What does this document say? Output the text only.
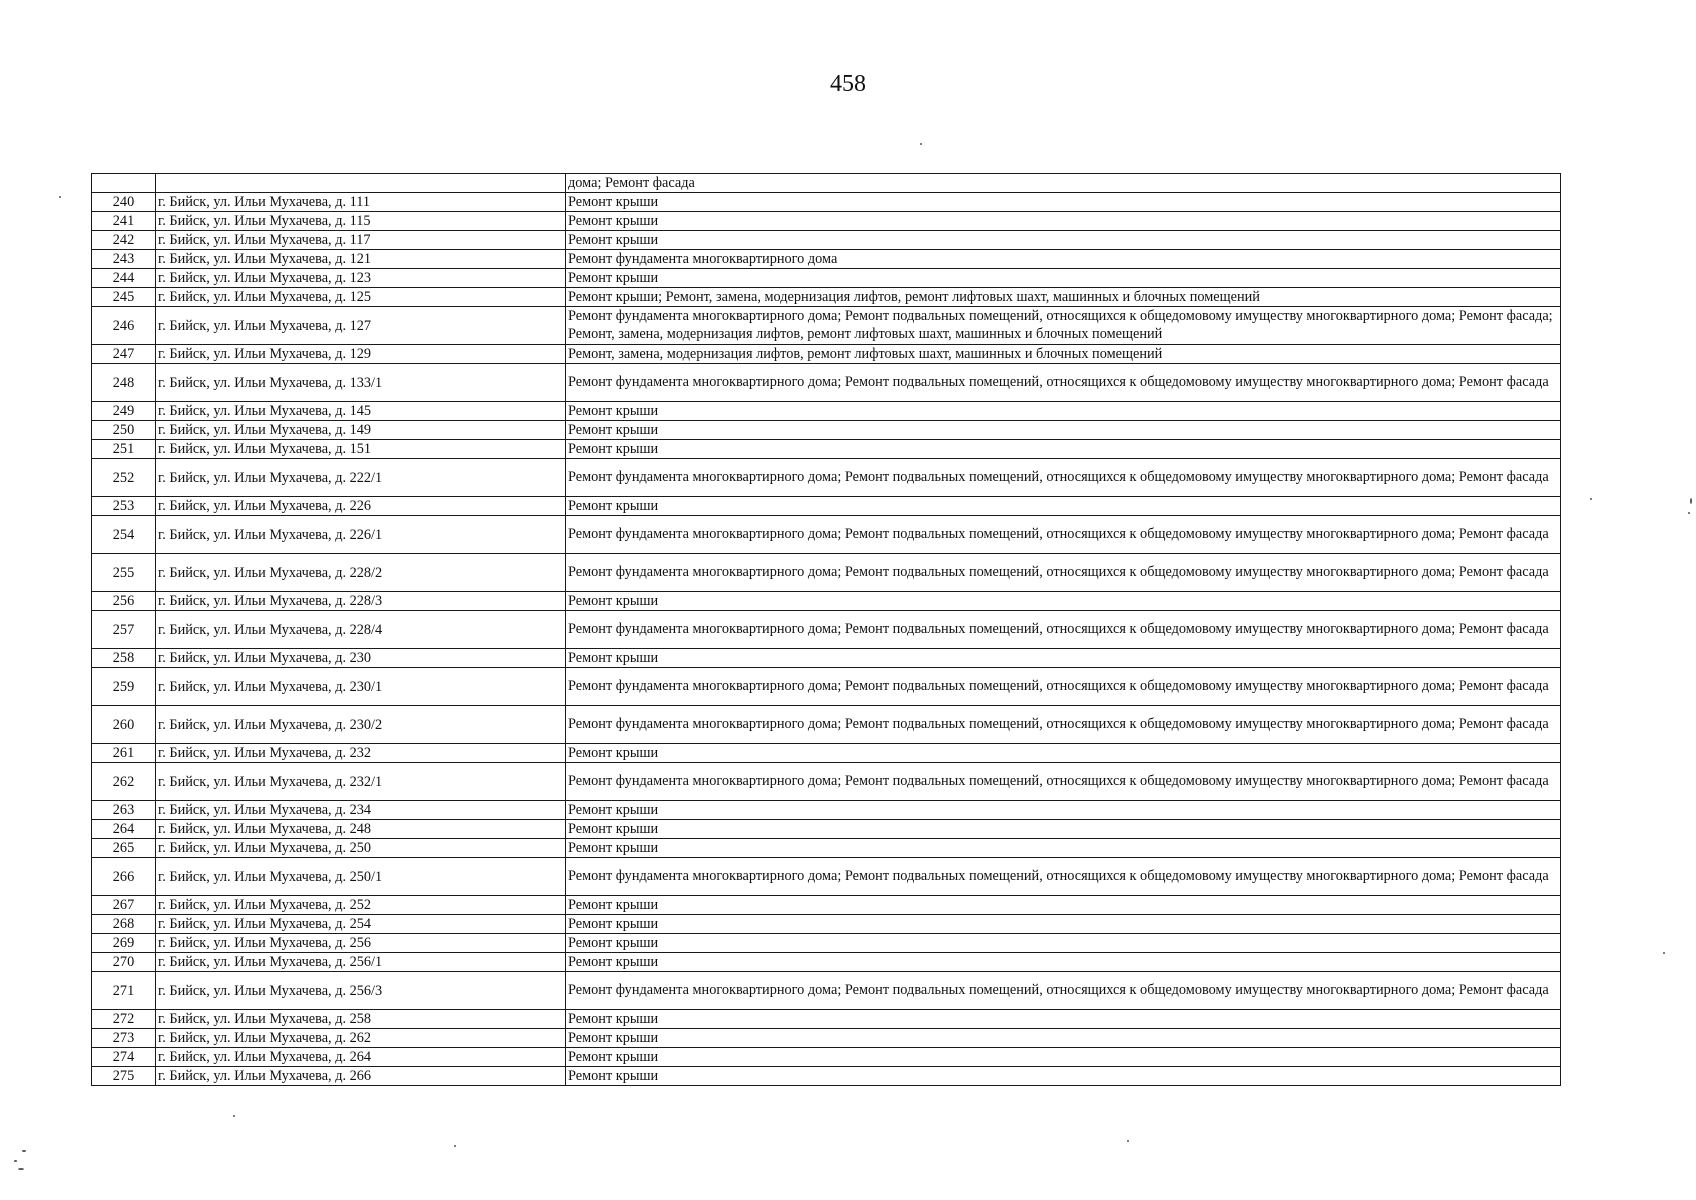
458
		дома; Ремонт фасада
240	г. Бийск, ул. Ильи Мухачева, д. 111	Ремонт крыши
241	г. Бийск, ул. Ильи Мухачева, д. 115	Ремонт крыши
242	г. Бийск, ул. Ильи Мухачева, д. 117	Ремонт крыши
243	г. Бийск, ул. Ильи Мухачева, д. 121	Ремонт фундамента многоквартирного дома
244	г. Бийск, ул. Ильи Мухачева, д. 123	Ремонт крыши
245	г. Бийск, ул. Ильи Мухачева, д. 125	Ремонт крыши; Ремонт, замена, модернизация лифтов, ремонт лифтовых шахт, машинных и блочных помещений
246	г. Бийск, ул. Ильи Мухачева, д. 127	Ремонт фундамента многоквартирного дома; Ремонт подвальных помещений, относящихся к общедомовому имуществу многоквартирного дома; Ремонт фасада; Ремонт, замена, модернизация лифтов, ремонт лифтовых шахт, машинных и блочных помещений
247	г. Бийск, ул. Ильи Мухачева, д. 129	Ремонт, замена, модернизация лифтов, ремонт лифтовых шахт, машинных и блочных помещений
248	г. Бийск, ул. Ильи Мухачева, д. 133/1	Ремонт фундамента многоквартирного дома; Ремонт подвальных помещений, относящихся к общедомовому имуществу многоквартирного дома; Ремонт фасада
249	г. Бийск, ул. Ильи Мухачева, д. 145	Ремонт крыши
250	г. Бийск, ул. Ильи Мухачева, д. 149	Ремонт крыши
251	г. Бийск, ул. Ильи Мухачева, д. 151	Ремонт крыши
252	г. Бийск, ул. Ильи Мухачева, д. 222/1	Ремонт фундамента многоквартирного дома; Ремонт подвальных помещений, относящихся к общедомовому имуществу многоквартирного дома; Ремонт фасада
253	г. Бийск, ул. Ильи Мухачева, д. 226	Ремонт крыши
254	г. Бийск, ул. Ильи Мухачева, д. 226/1	Ремонт фундамента многоквартирного дома; Ремонт подвальных помещений, относящихся к общедомовому имуществу многоквартирного дома; Ремонт фасада
255	г. Бийск, ул. Ильи Мухачева, д. 228/2	Ремонт фундамента многоквартирного дома; Ремонт подвальных помещений, относящихся к общедомовому имуществу многоквартирного дома; Ремонт фасада
256	г. Бийск, ул. Ильи Мухачева, д. 228/3	Ремонт крыши
257	г. Бийск, ул. Ильи Мухачева, д. 228/4	Ремонт фундамента многоквартирного дома; Ремонт подвальных помещений, относящихся к общедомовому имуществу многоквартирного дома; Ремонт фасада
258	г. Бийск, ул. Ильи Мухачева, д. 230	Ремонт крыши
259	г. Бийск, ул. Ильи Мухачева, д. 230/1	Ремонт фундамента многоквартирного дома; Ремонт подвальных помещений, относящихся к общедомовому имуществу многоквартирного дома; Ремонт фасада
260	г. Бийск, ул. Ильи Мухачева, д. 230/2	Ремонт фундамента многоквартирного дома; Ремонт подвальных помещений, относящихся к общедомовому имуществу многоквартирного дома; Ремонт фасада
261	г. Бийск, ул. Ильи Мухачева, д. 232	Ремонт крыши
262	г. Бийск, ул. Ильи Мухачева, д. 232/1	Ремонт фундамента многоквартирного дома; Ремонт подвальных помещений, относящихся к общедомовому имуществу многоквартирного дома; Ремонт фасада
263	г. Бийск, ул. Ильи Мухачева, д. 234	Ремонт крыши
264	г. Бийск, ул. Ильи Мухачева, д. 248	Ремонт крыши
265	г. Бийск, ул. Ильи Мухачева, д. 250	Ремонт крыши
266	г. Бийск, ул. Ильи Мухачева, д. 250/1	Ремонт фундамента многоквартирного дома; Ремонт подвальных помещений, относящихся к общедомовому имуществу многоквартирного дома; Ремонт фасада
267	г. Бийск, ул. Ильи Мухачева, д. 252	Ремонт крыши
268	г. Бийск, ул. Ильи Мухачева, д. 254	Ремонт крыши
269	г. Бийск, ул. Ильи Мухачева, д. 256	Ремонт крыши
270	г. Бийск, ул. Ильи Мухачева, д. 256/1	Ремонт крыши
271	г. Бийск, ул. Ильи Мухачева, д. 256/3	Ремонт фундамента многоквартирного дома; Ремонт подвальных помещений, относящихся к общедомовому имуществу многоквартирного дома; Ремонт фасада
272	г. Бийск, ул. Ильи Мухачева, д. 258	Ремонт крыши
273	г. Бийск, ул. Ильи Мухачева, д. 262	Ремонт крыши
274	г. Бийск, ул. Ильи Мухачева, д. 264	Ремонт крыши
275	г. Бийск, ул. Ильи Мухачева, д. 266	Ремонт крыши
